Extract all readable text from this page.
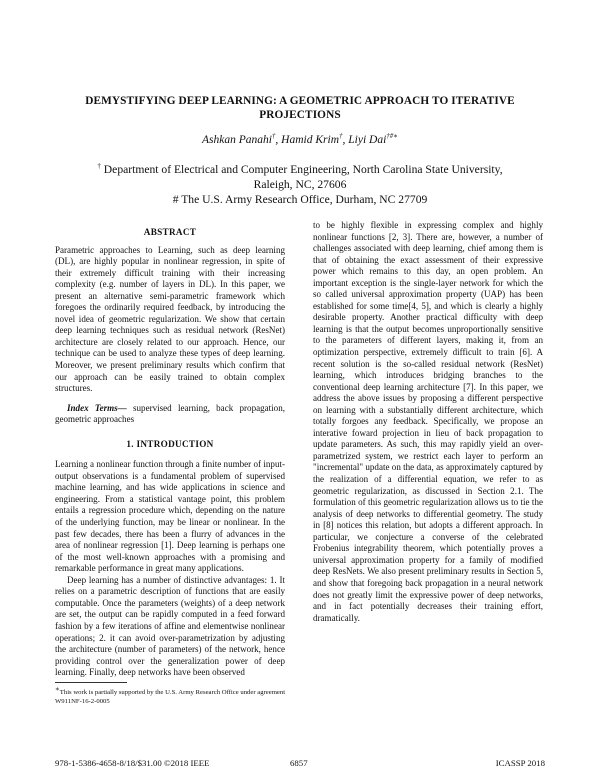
DEMYSTIFYING DEEP LEARNING: A GEOMETRIC APPROACH TO ITERATIVE
PROJECTIONS
Ashkan Panahi†, Hamid Krim†, Liyi Dai†#∗
† Department of Electrical and Computer Engineering, North Carolina State University,
Raleigh, NC, 27606
# The U.S. Army Research Office, Durham, NC 27709
ABSTRACT

Parametric approaches to Learning, such as deep learning (DL), are highly popular in nonlinear regression, in spite of their extremely difficult training with their increasing complexity (e.g. number of layers in DL). In this paper, we present an alternative semi-parametric framework which foregoes the ordinarily required feedback, by introducing the novel idea of geometric regularization. We show that certain deep learning techniques such as residual network (ResNet) architecture are closely related to our approach. Hence, our technique can be used to analyze these types of deep learning. Moreover, we present preliminary results which confirm that our approach can be easily trained to obtain complex structures.

Index Terms— supervised learning, back propagation, geometric approaches

1. INTRODUCTION

Learning a nonlinear function through a finite number of input-output observations is a fundamental problem of supervised machine learning, and has wide applications in science and engineering. From a statistical vantage point, this problem entails a regression procedure which, depending on the nature of the underlying function, may be linear or nonlinear. In the past few decades, there has been a flurry of advances in the area of nonlinear regression [1]. Deep learning is perhaps one of the most well-known approaches with a promising and remarkable performance in great many applications.

Deep learning has a number of distinctive advantages: 1. It relies on a parametric description of functions that are easily computable. Once the parameters (weights) of a deep network are set, the output can be rapidly computed in a feed forward fashion by a few iterations of affine and elementwise nonlinear operations; 2. it can avoid over-parametrization by adjusting the architecture (number of parameters) of the network, hence providing control over the generalization power of deep learning. Finally, deep networks have been observed

to be highly flexible in expressing complex and highly nonlinear functions [2, 3]. There are, however, a number of challenges associated with deep learning, chief among them is that of obtaining the exact assessment of their expressive power which remains to this day, an open problem. An important exception is the single-layer network for which the so called universal approximation property (UAP) has been established for some time[4, 5], and which is clearly a highly desirable property. Another practical difficulty with deep learning is that the output becomes unproportionally sensitive to the parameters of different layers, making it, from an optimization perspective, extremely difficult to train [6]. A recent solution is the so-called residual network (ResNet) learning, which introduces bridging branches to the conventional deep learning architecture [7]. In this paper, we address the above issues by proposing a different perspective on learning with a substantially different architecture, which totally forgoes any feedback. Specifically, we propose an interative foward projection in lieu of back propagation to update parameters. As such, this may rapidly yield an over-parametrized system, we restrict each layer to perform an "incremental" update on the data, as approximately captured by the realization of a differential equation, we refer to as geometric regularization, as discussed in Section 2.1. The formulation of this geometric regularization allows us to tie the analysis of deep networks to differential geometry. The study in [8] notices this relation, but adopts a different approach. In particular, we conjecture a converse of the celebrated Frobenius integrability theorem, which potentially proves a universal approximation property for a family of modified deep ResNets. We also present preliminary results in Section 5, and show that foregoing back propagation in a neural network does not greatly limit the expressive power of deep networks, and in fact potentially decreases their training effort, dramatically.

∗This work is partially supported by the U.S. Army Research Office under agreement W911NF-16-2-0005
978-1-5386-4658-8/18/$31.00 ©2018 IEEE	6857	ICASSP 2018
